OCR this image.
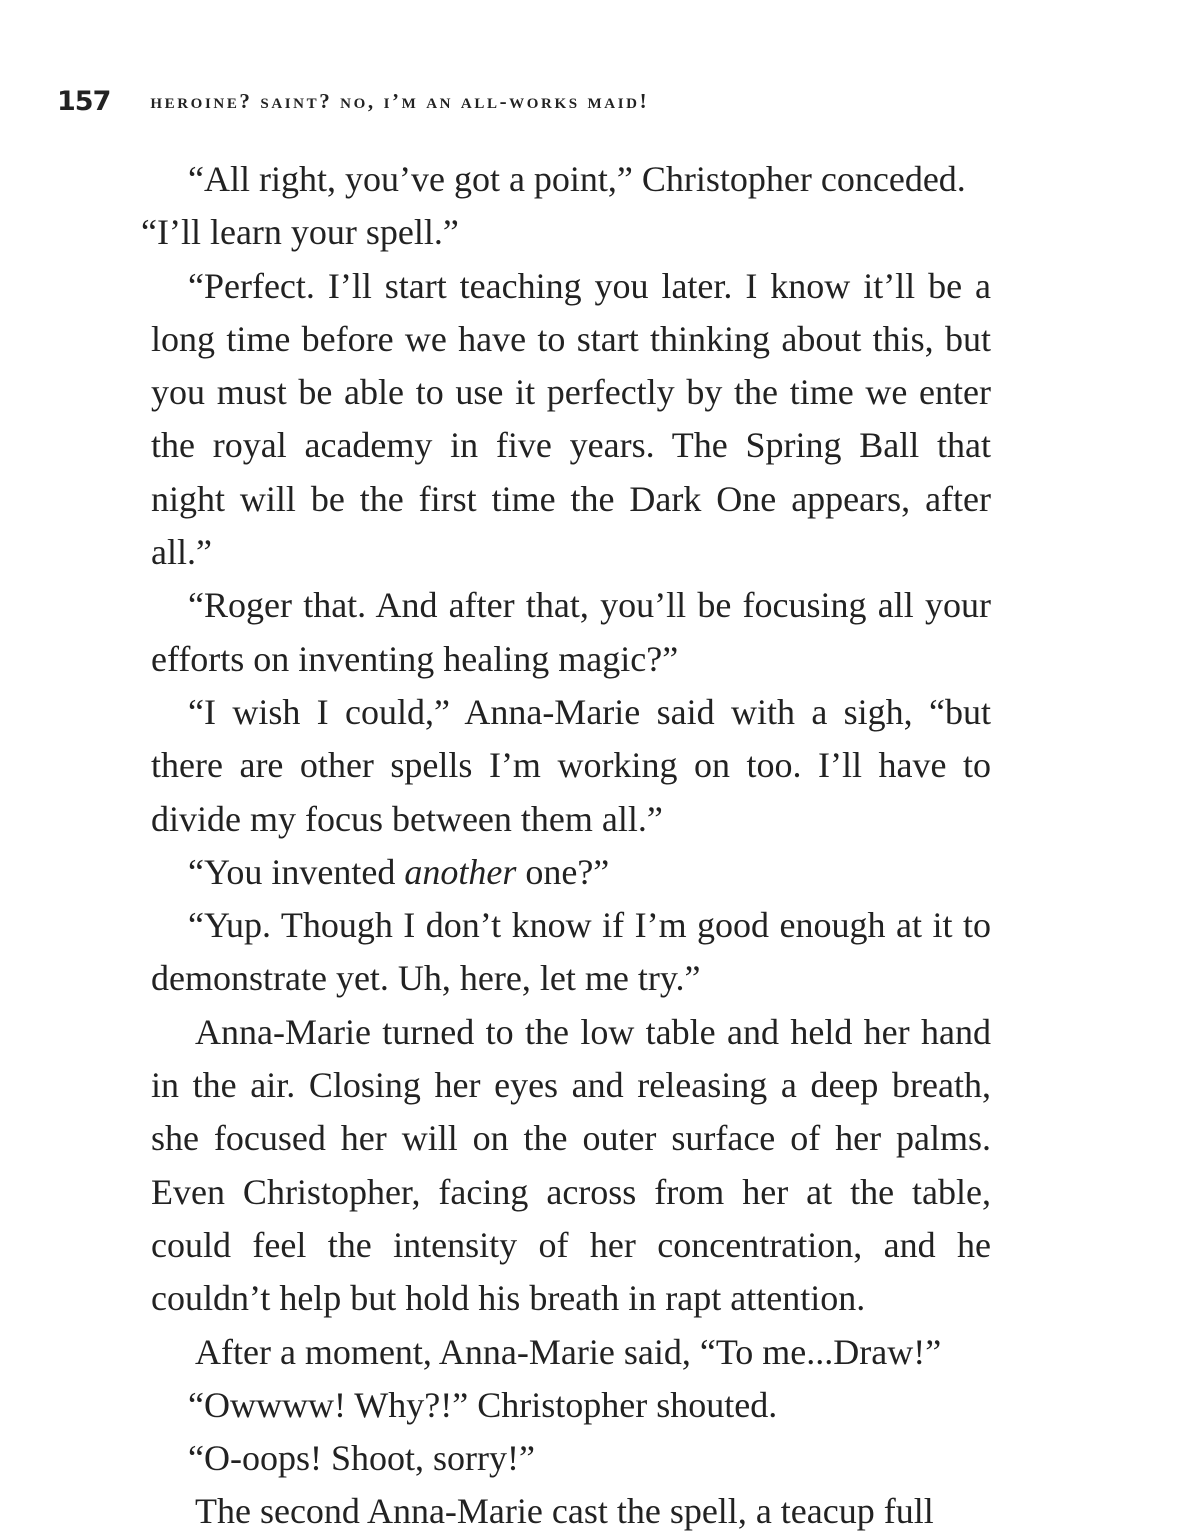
157 heroine? saint? no, i’m an all-works maid!

“All right, you’ve got a point,” Christopher conceded.
“I’ll learn your spell.”

“Perfect. I’ll start teaching you later. I know it’ll be a long time before we have to start thinking about this, but you must be able to use it perfectly by the time we enter the royal academy in five years. The Spring Ball that night will be the first time the Dark One appears, after all.”

“Roger that. And after that, you’ll be focusing all your efforts on inventing healing magic?”

“I wish I could,” Anna-Marie said with a sigh, “but there are other spells I’m working on too. I’ll have to divide my focus between them all.”

“You invented another one?”

“Yup. Though I don’t know if I’m good enough at it to demonstrate yet. Uh, here, let me try.”

Anna-Marie turned to the low table and held her hand in the air. Closing her eyes and releasing a deep breath, she focused her will on the outer surface of her palms. Even Christopher, facing across from her at the table, could feel the intensity of her concentration, and he couldn’t help but hold his breath in rapt attention.

After a moment, Anna-Marie said, “To me...Draw!”

“Owwww! Why?!” Christopher shouted.

“O-oops! Shoot, sorry!”

The second Anna-Marie cast the spell, a teacup full
